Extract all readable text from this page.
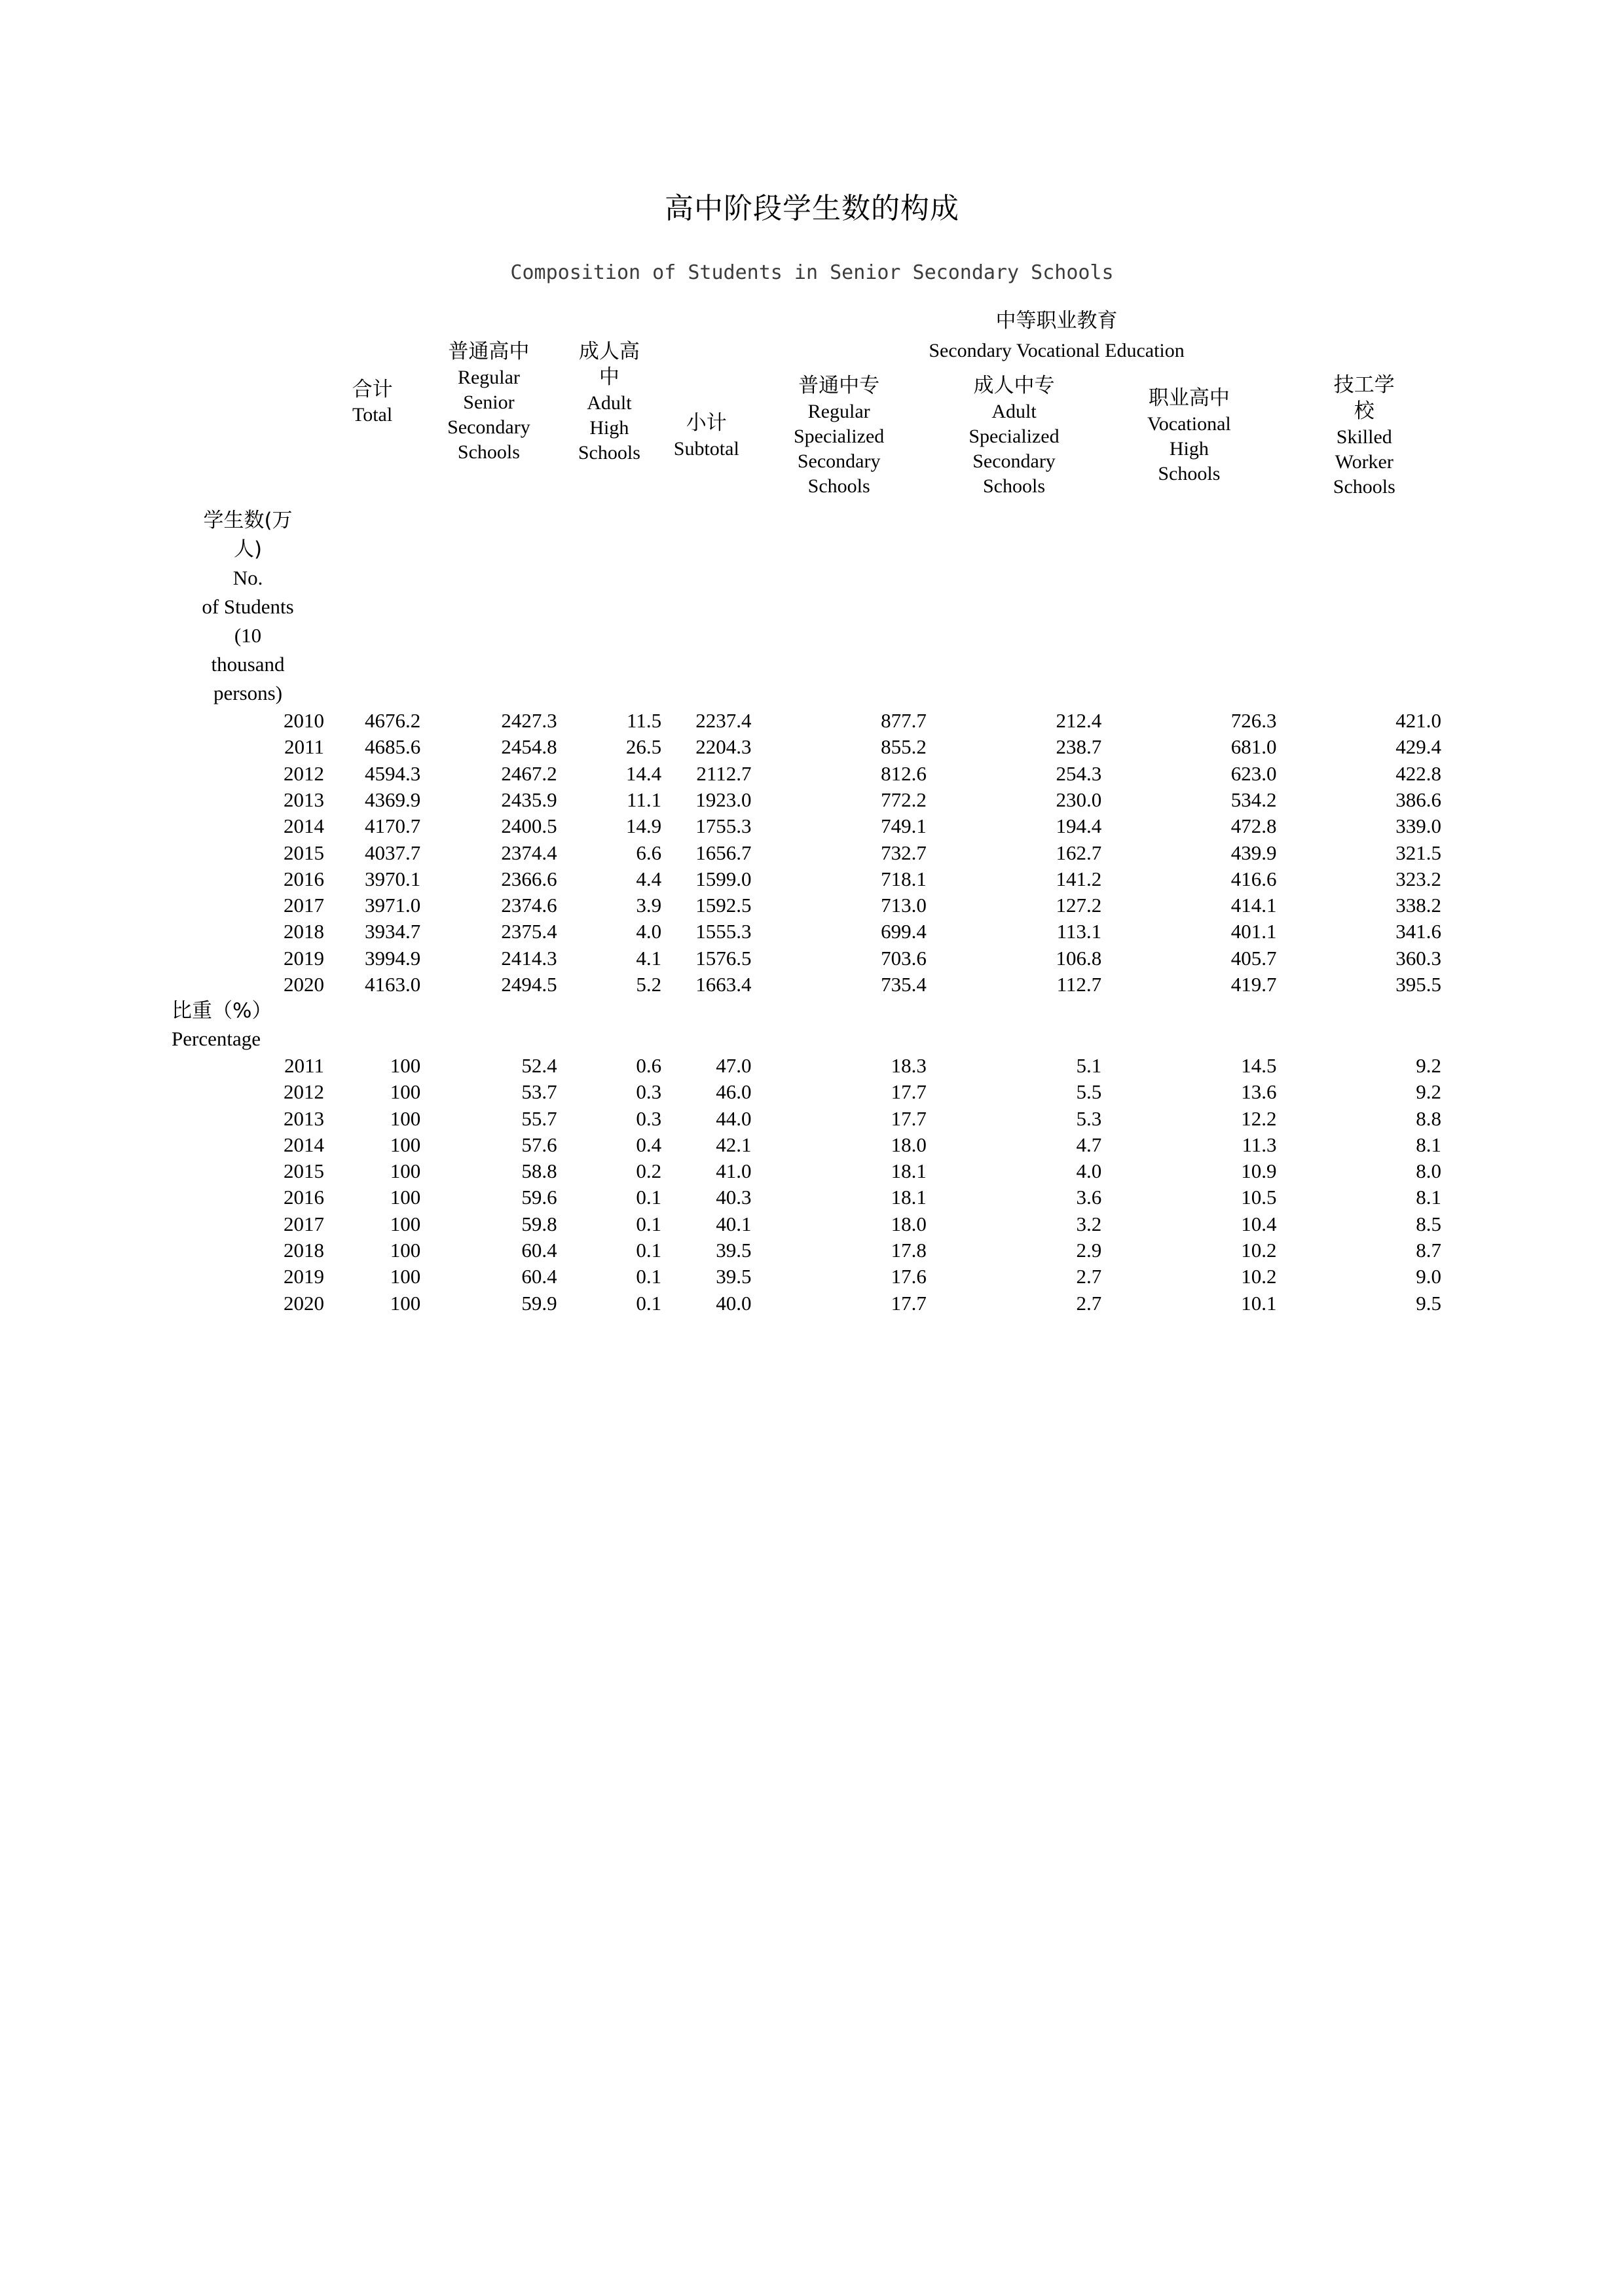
高中阶段学生数的构成
Composition of Students in Senior Secondary Schools

	合计
Total	普通高中
Regular
Senior
Secondary
Schools	成人高
中
Adult
High
Schools	中等职业教育
Secondary Vocational Education				

				小计
Subtotal	普通中专
Regular
Specialized
Secondary
Schools	成人中专
Adult
Specialized
Secondary
Schools	职业高中
Vocational
High
Schools	技工学
校
Skilled
Worker
Schools

学生数(万
人)
No.
of Students
(10
thousand
persons)

2010	4676.2	2427.3	11.5	2237.4	877.7	212.4	726.3	421.0
2011	4685.6	2454.8	26.5	2204.3	855.2	238.7	681.0	429.4
2012	4594.3	2467.2	14.4	2112.7	812.6	254.3	623.0	422.8
2013	4369.9	2435.9	11.1	1923.0	772.2	230.0	534.2	386.6
2014	4170.7	2400.5	14.9	1755.3	749.1	194.4	472.8	339.0
2015	4037.7	2374.4	6.6	1656.7	732.7	162.7	439.9	321.5
2016	3970.1	2366.6	4.4	1599.0	718.1	141.2	416.6	323.2
2017	3971.0	2374.6	3.9	1592.5	713.0	127.2	414.1	338.2
2018	3934.7	2375.4	4.0	1555.3	699.4	113.1	401.1	341.6
2019	3994.9	2414.3	4.1	1576.5	703.6	106.8	405.7	360.3
2020	4163.0	2494.5	5.2	1663.4	735.4	112.7	419.7	395.5

比重（%）
Percentage								

2011	100	52.4	0.6	47.0	18.3	5.1	14.5	9.2
2012	100	53.7	0.3	46.0	17.7	5.5	13.6	9.2
2013	100	55.7	0.3	44.0	17.7	5.3	12.2	8.8
2014	100	57.6	0.4	42.1	18.0	4.7	11.3	8.1
2015	100	58.8	0.2	41.0	18.1	4.0	10.9	8.0
2016	100	59.6	0.1	40.3	18.1	3.6	10.5	8.1
2017	100	59.8	0.1	40.1	18.0	3.2	10.4	8.5
2018	100	60.4	0.1	39.5	17.8	2.9	10.2	8.7
2019	100	60.4	0.1	39.5	17.6	2.7	10.2	9.0
2020	100	59.9	0.1	40.0	17.7	2.7	10.1	9.5
